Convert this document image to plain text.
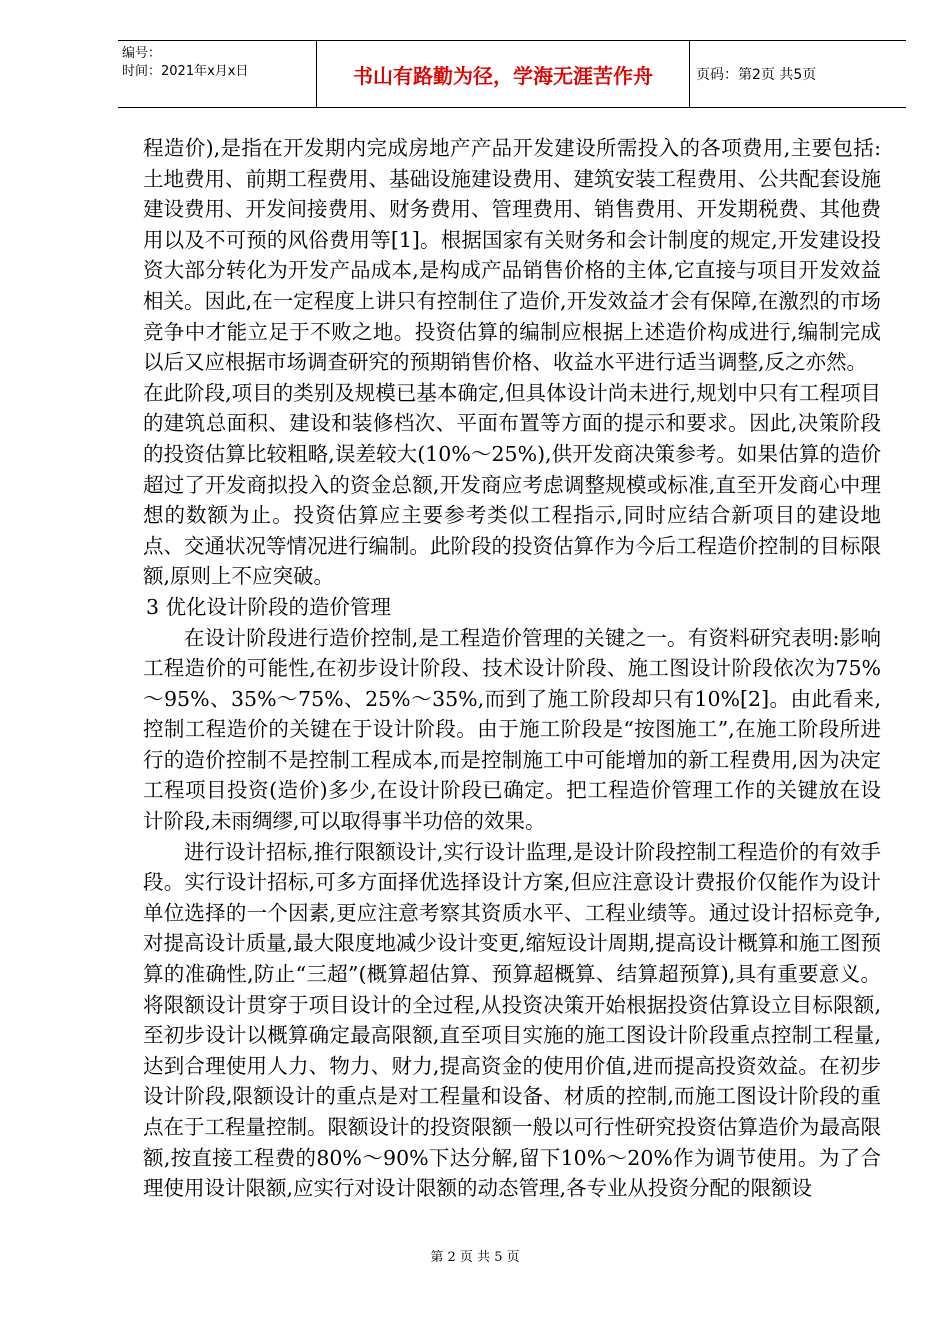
编号：
时间：2021年x月x日	书山有路勤为径，学海无涯苦作舟	页码：第2页 共5页

程造价),是指在开发期内完成房地产产品开发建设所需投入的各项费用,主要包括:土地费用、前期工程费用、基础设施建设费用、建筑安装工程费用、公共配套设施建设费用、开发间接费用、财务费用、管理费用、销售费用、开发期税费、其他费用以及不可预的风俗费用等[1]。根据国家有关财务和会计制度的规定,开发建设投资大部分转化为开发产品成本,是构成产品销售价格的主体,它直接与项目开发效益相关。因此,在一定程度上讲只有控制住了造价,开发效益才会有保障,在激烈的市场竞争中才能立足于不败之地。投资估算的编制应根据上述造价构成进行,编制完成以后又应根据市场调查研究的预期销售价格、收益水平进行适当调整,反之亦然。

在此阶段,项目的类别及规模已基本确定,但具体设计尚未进行,规划中只有工程项目的建筑总面积、建设和装修档次、平面布置等方面的提示和要求。因此,决策阶段的投资估算比较粗略,误差较大(10%～25%),供开发商决策参考。如果估算的造价超过了开发商拟投入的资金总额,开发商应考虑调整规模或标准,直至开发商心中理想的数额为止。投资估算应主要参考类似工程指示,同时应结合新项目的建设地点、交通状况等情况进行编制。此阶段的投资估算作为今后工程造价控制的目标限额,原则上不应突破。

3 优化设计阶段的造价管理

在设计阶段进行造价控制,是工程造价管理的关键之一。有资料研究表明:影响工程造价的可能性,在初步设计阶段、技术设计阶段、施工图设计阶段依次为75%～95%、35%～75%、25%～35%,而到了施工阶段却只有10%[2]。由此看来,控制工程造价的关键在于设计阶段。由于施工阶段是“按图施工”,在施工阶段所进行的造价控制不是控制工程成本,而是控制施工中可能增加的新工程费用,因为决定工程项目投资(造价)多少,在设计阶段已确定。把工程造价管理工作的关键放在设计阶段,未雨绸缪,可以取得事半功倍的效果。

进行设计招标,推行限额设计,实行设计监理,是设计阶段控制工程造价的有效手段。实行设计招标,可多方面择优选择设计方案,但应注意设计费报价仅能作为设计单位选择的一个因素,更应注意考察其资质水平、工程业绩等。通过设计招标竞争,对提高设计质量,最大限度地减少设计变更,缩短设计周期,提高设计概算和施工图预算的准确性,防止“三超”(概算超估算、预算超概算、结算超预算),具有重要意义。将限额设计贯穿于项目设计的全过程,从投资决策开始根据投资估算设立目标限额,至初步设计以概算确定最高限额,直至项目实施的施工图设计阶段重点控制工程量,达到合理使用人力、物力、财力,提高资金的使用价值,进而提高投资效益。在初步设计阶段,限额设计的重点是对工程量和设备、材质的控制,而施工图设计阶段的重点在于工程量控制。限额设计的投资限额一般以可行性研究投资估算造价为最高限额,按直接工程费的80%～90%下达分解,留下10%～20%作为调节使用。为了合理使用设计限额,应实行对设计限额的动态管理,各专业从投资分配的限额设

第 2 页 共 5 页
